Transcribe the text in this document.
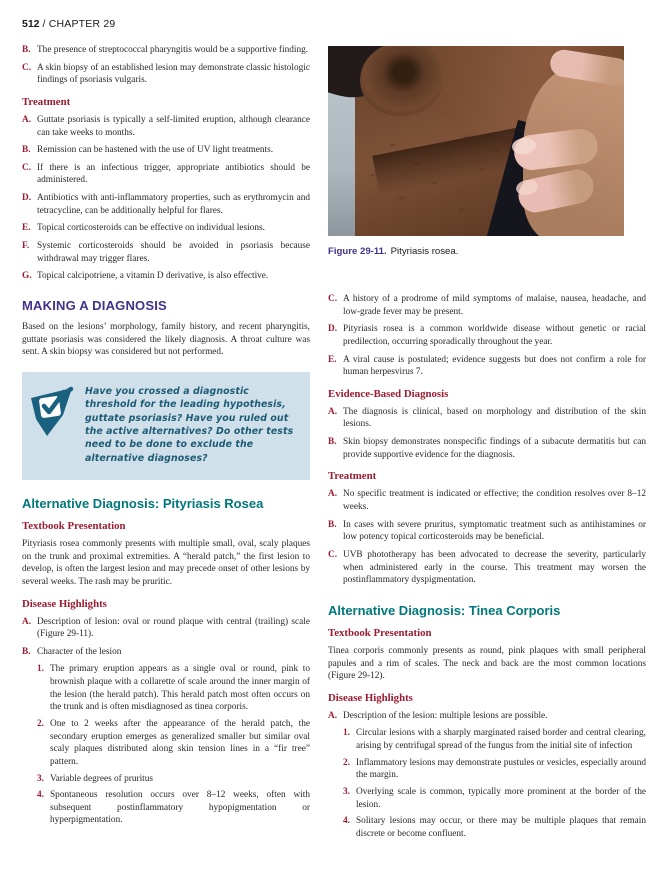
512 / CHAPTER 29
B. The presence of streptococcal pharyngitis would be a supportive finding.
C. A skin biopsy of an established lesion may demonstrate classic histologic findings of psoriasis vulgaris.
Treatment
A. Guttate psoriasis is typically a self-limited eruption, although clearance can take weeks to months.
B. Remission can be hastened with the use of UV light treatments.
C. If there is an infectious trigger, appropriate antibiotics should be administered.
D. Antibiotics with anti-inflammatory properties, such as erythromycin and tetracycline, can be additionally helpful for flares.
E. Topical corticosteroids can be effective on individual lesions.
F. Systemic corticosteroids should be avoided in psoriasis because withdrawal may trigger flares.
G. Topical calcipotriene, a vitamin D derivative, is also effective.
MAKING A DIAGNOSIS
Based on the lesions’ morphology, family history, and recent pharyngitis, guttate psoriasis was considered the likely diagnosis. A throat culture was sent. A skin biopsy was considered but not performed.
Have you crossed a diagnostic threshold for the leading hypothesis, guttate psoriasis? Have you ruled out the active alternatives? Do other tests need to be done to exclude the alternative diagnoses?
Alternative Diagnosis: Pityriasis Rosea
Textbook Presentation
Pityriasis rosea commonly presents with multiple small, oval, scaly plaques on the trunk and proximal extremities. A “herald patch,” the first lesion to develop, is often the largest lesion and may precede onset of other lesions by several weeks. The rash may be pruritic.
Disease Highlights
A. Description of lesion: oval or round plaque with central (trailing) scale (Figure 29-11).
B. Character of the lesion
1. The primary eruption appears as a single oval or round, pink to brownish plaque with a collarette of scale around the inner margin of the lesion (the herald patch). This herald patch most often occurs on the trunk and is often misdiagnosed as tinea corporis.
2. One to 2 weeks after the appearance of the herald patch, the secondary eruption emerges as generalized smaller but similar oval scaly plaques distributed along skin tension lines in a “fir tree” pattern.
3. Variable degrees of pruritus
4. Spontaneous resolution occurs over 8–12 weeks, often with subsequent postinflammatory hypopigmentation or hyperpigmentation.
Figure 29-11. Pityriasis rosea.
C. A history of a prodrome of mild symptoms of malaise, nausea, headache, and low-grade fever may be present.
D. Pityriasis rosea is a common worldwide disease without genetic or racial predilection, occurring sporadically throughout the year.
E. A viral cause is postulated; evidence suggests but does not confirm a role for human herpesvirus 7.
Evidence-Based Diagnosis
A. The diagnosis is clinical, based on morphology and distribution of the skin lesions.
B. Skin biopsy demonstrates nonspecific findings of a subacute dermatitis but can provide supportive evidence for the diagnosis.
Treatment
A. No specific treatment is indicated or effective; the condition resolves over 8–12 weeks.
B. In cases with severe pruritus, symptomatic treatment such as antihistamines or low potency topical corticosteroids may be beneficial.
C. UVB phototherapy has been advocated to decrease the severity, particularly when administered early in the course. This treatment may worsen the postinflammatory dyspigmentation.
Alternative Diagnosis: Tinea Corporis
Textbook Presentation
Tinea corporis commonly presents as round, pink plaques with small peripheral papules and a rim of scales. The neck and back are the most common locations (Figure 29-12).
Disease Highlights
A. Description of the lesion: multiple lesions are possible.
1. Circular lesions with a sharply marginated raised border and central clearing, arising by centrifugal spread of the fungus from the initial site of infection
2. Inflammatory lesions may demonstrate pustules or vesicles, especially around the margin.
3. Overlying scale is common, typically more prominent at the border of the lesion.
4. Solitary lesions may occur, or there may be multiple plaques that remain discrete or become confluent.
